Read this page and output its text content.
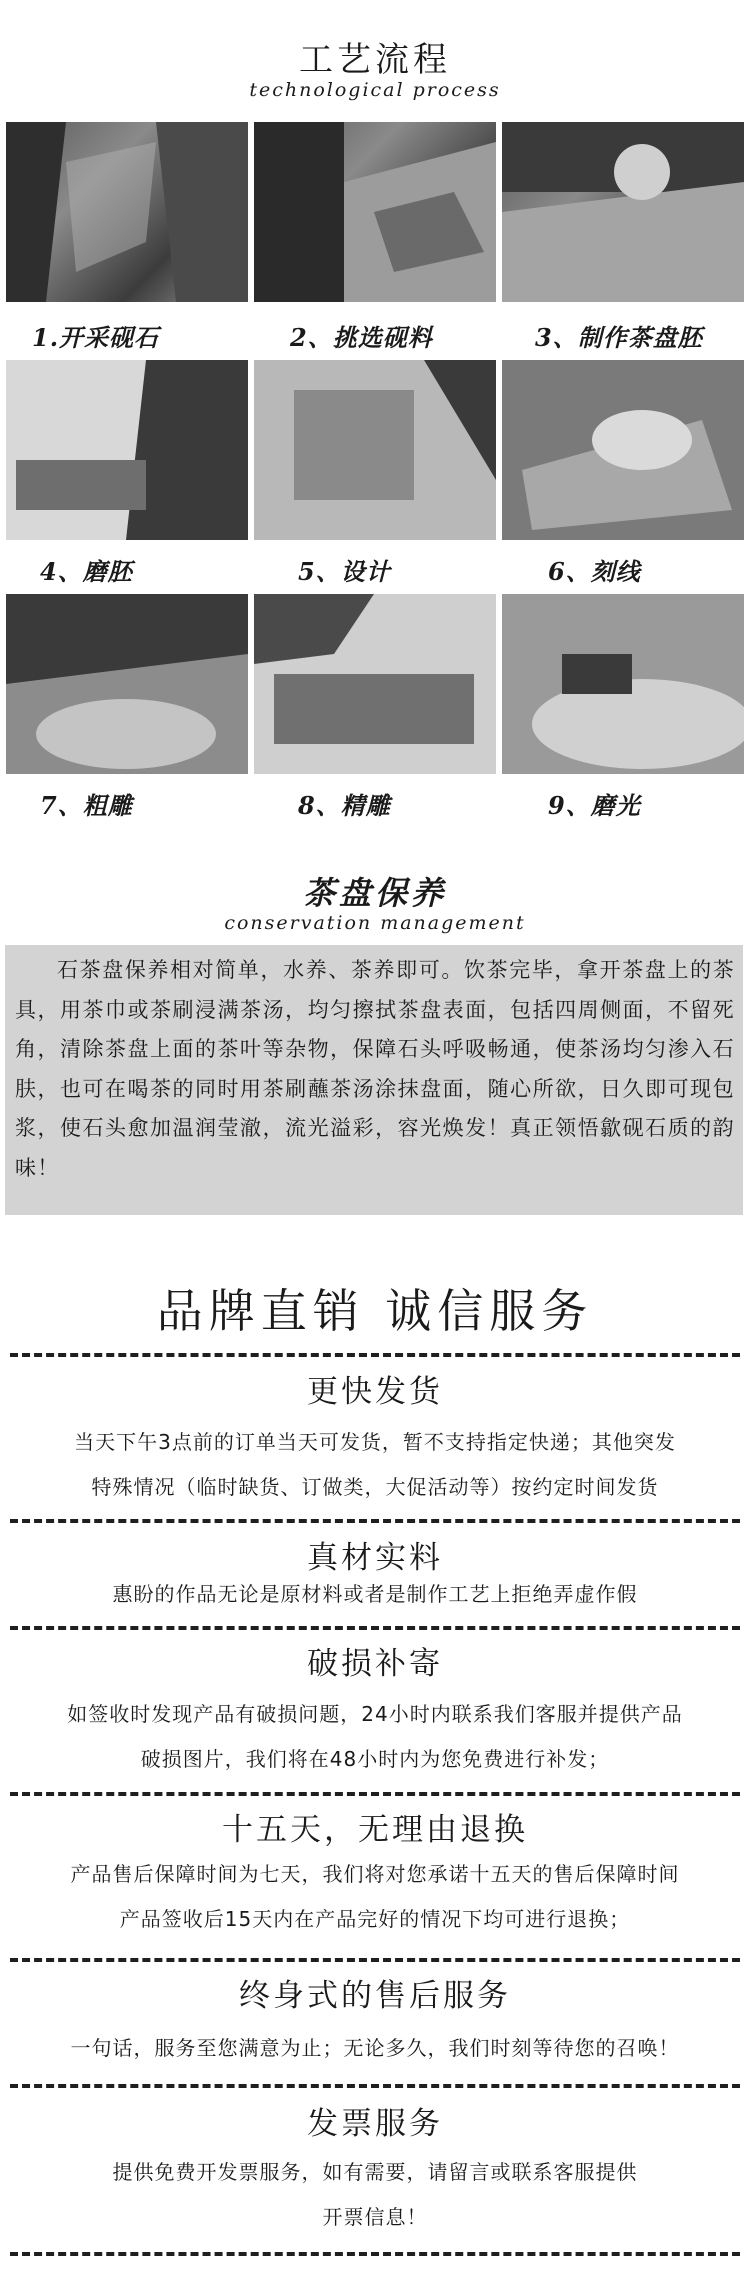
工艺流程
technological process
1.开采砚石	2、挑选砚料	3、制作茶盘胚
4、磨胚	5、设计	6、刻线
7、粗雕	8、精雕	9、磨光
茶盘保养
conservation management
石茶盘保养相对简单，水养、茶养即可。饮茶完毕，拿开茶盘上的茶具，用茶巾或茶刷浸满茶汤，均匀擦拭茶盘表面，包括四周侧面，不留死角，清除茶盘上面的茶叶等杂物，保障石头呼吸畅通，使茶汤均匀渗入石肤，也可在喝茶的同时用茶刷蘸茶汤涂抹盘面，随心所欲，日久即可现包浆，使石头愈加温润莹澈，流光溢彩，容光焕发！真正领悟歙砚石质的韵味！
品牌直销 诚信服务
更快发货
当天下午3点前的订单当天可发货，暂不支持指定快递；其他突发
特殊情况（临时缺货、订做类，大促活动等）按约定时间发货
真材实料
惠盼的作品无论是原材料或者是制作工艺上拒绝弄虚作假
破损补寄
如签收时发现产品有破损问题，24小时内联系我们客服并提供产品
破损图片，我们将在48小时内为您免费进行补发；
十五天，无理由退换
产品售后保障时间为七天，我们将对您承诺十五天的售后保障时间
产品签收后15天内在产品完好的情况下均可进行退换；
终身式的售后服务
一句话，服务至您满意为止；无论多久，我们时刻等待您的召唤！
发票服务
提供免费开发票服务，如有需要，请留言或联系客服提供
开票信息！
